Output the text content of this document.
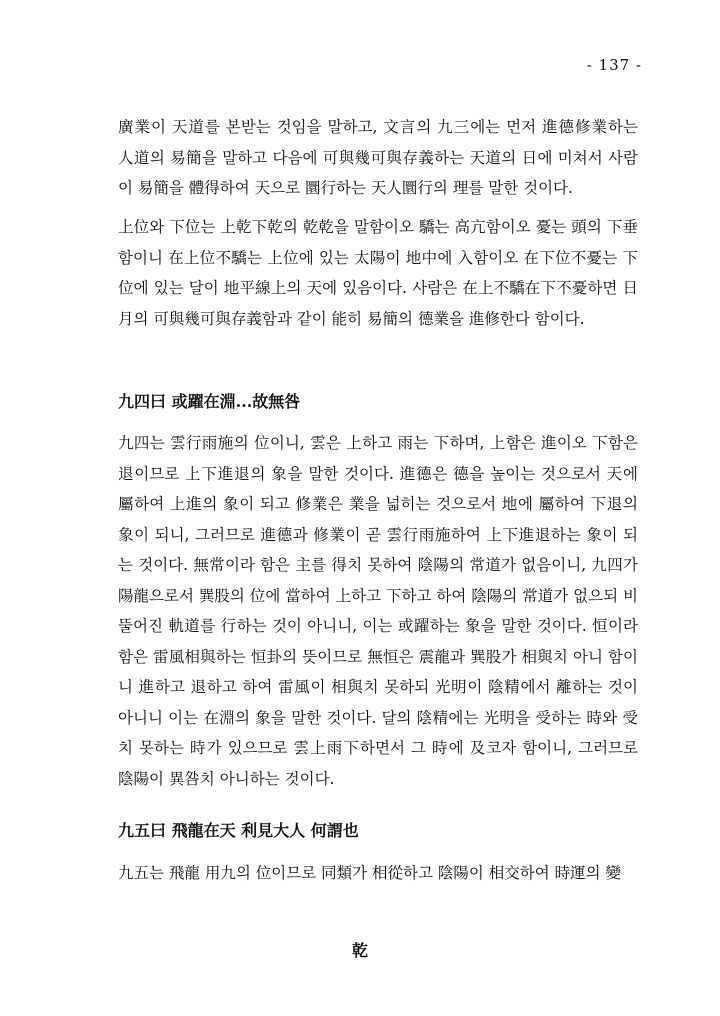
- 137 -

廣業이 天道를 본받는 것임을 말하고, 文言의 九三에는 먼저 進德修業하는 人道의 易簡을 말하고 다음에 可與幾可與存義하는 天道의 日에 미쳐서 사람이 易簡을 體得하여 天으로 圜行하는 天人圜行의 理를 말한 것이다.

上位와 下位는 上乾下乾의 乾乾을 말함이오 驕는 高亢함이오 憂는 頭의 下垂함이니 在上位不驕는 上位에 있는 太陽이 地中에 入함이오 在下位不憂는 下位에 있는 달이 地平線上의 天에 있음이다. 사람은 在上不驕在下不憂하면 日月의 可與幾可與存義함과 같이 能히 易簡의 德業을 進修한다 함이다.

九四曰 或躍在淵...故無咎

九四는 雲行雨施의 位이니, 雲은 上하고 雨는 下하며, 上함은 進이오 下함은 退이므로 上下進退의 象을 말한 것이다. 進德은 德을 높이는 것으로서 天에 屬하여 上進의 象이 되고 修業은 業을 넓히는 것으로서 地에 屬하여 下退의 象이 되니, 그러므로 進德과 修業이 곧 雲行雨施하여 上下進退하는 象이 되는 것이다. 無常이라 함은 主를 得치 못하여 陰陽의 常道가 없음이니, 九四가 陽龍으로서 巽股의 位에 當하여 上하고 下하고 하여 陰陽의 常道가 없으되 비뚤어진 軌道를 行하는 것이 아니니, 이는 或躍하는 象을 말한 것이다. 恒이라 함은 雷風相與하는 恒卦의 뜻이므로 無恒은 震龍과 巽股가 相與치 아니 함이니 進하고 退하고 하여 雷風이 相與치 못하되 光明이 陰精에서 離하는 것이 아니니 이는 在淵의 象을 말한 것이다. 달의 陰精에는 光明을 受하는 時와 受치 못하는 時가 있으므로 雲上雨下하면서 그 時에 及코자 함이니, 그러므로 陰陽이 異咎치 아니하는 것이다.

九五曰 飛龍在天 利見大人 何謂也

九五는 飛龍 用九의 位이므로 同類가 相從하고 陰陽이 相交하여 時運의 變

乾
